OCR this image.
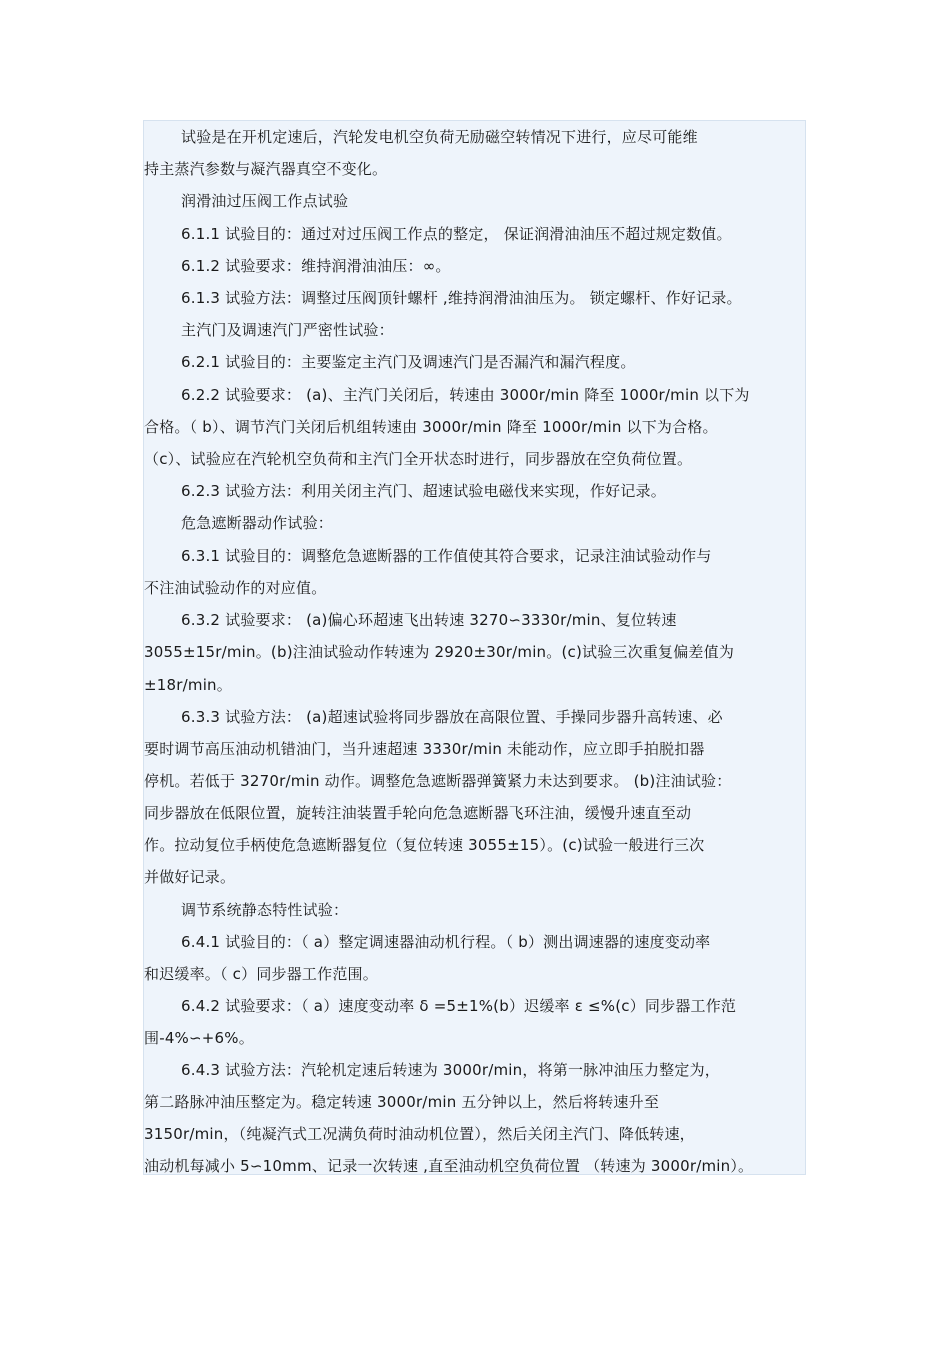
试验是在开机定速后，汽轮发电机空负荷无励磁空转情况下进行，应尽可能维
持主蒸汽参数与凝汽器真空不变化。
润滑油过压阀工作点试验
6.1.1 试验目的：通过对过压阀工作点的整定， 保证润滑油油压不超过规定数值。
6.1.2 试验要求：维持润滑油油压：∞。
6.1.3 试验方法：调整过压阀顶针螺杆 ,维持润滑油油压为。 锁定螺杆、作好记录。
主汽门及调速汽门严密性试验：
6.2.1 试验目的：主要鉴定主汽门及调速汽门是否漏汽和漏汽程度。
6.2.2 试验要求： (a)、主汽门关闭后，转速由 3000r/min 降至 1000r/min 以下为
合格。（ b）、调节汽门关闭后机组转速由 3000r/min 降至 1000r/min 以下为合格。
（c）、试验应在汽轮机空负荷和主汽门全开状态时进行，同步器放在空负荷位置。
6.2.3 试验方法：利用关闭主汽门、超速试验电磁伐来实现，作好记录。
危急遮断器动作试验：
6.3.1 试验目的：调整危急遮断器的工作值使其符合要求，记录注油试验动作与
不注油试验动作的对应值。
6.3.2 试验要求： (a)偏心环超速飞出转速 3270∽3330r/min、复位转速
3055±15r/min。(b)注油试验动作转速为 2920±30r/min。(c)试验三次重复偏差值为
±18r/min。
6.3.3 试验方法： (a)超速试验将同步器放在高限位置、手操同步器升高转速、必
要时调节高压油动机错油门，当升速超速 3330r/min 未能动作，应立即手拍脱扣器
停机。若低于 3270r/min 动作。调整危急遮断器弹簧紧力未达到要求。 (b)注油试验：
同步器放在低限位置，旋转注油装置手轮向危急遮断器飞环注油，缓慢升速直至动
作。拉动复位手柄使危急遮断器复位（复位转速 3055±15）。(c)试验一般进行三次
并做好记录。
调节系统静态特性试验：
6.4.1 试验目的：（ a）整定调速器油动机行程。（ b）测出调速器的速度变动率
和迟缓率。（ c）同步器工作范围。
6.4.2 试验要求：（ a）速度变动率 δ =5±1%(b）迟缓率 ε ≤%(c）同步器工作范
围-4%∽+6%。
6.4.3 试验方法：汽轮机定速后转速为 3000r/min，将第一脉冲油压力整定为，
第二路脉冲油压整定为。稳定转速 3000r/min 五分钟以上，然后将转速升至
3150r/min，（纯凝汽式工况满负荷时油动机位置），然后关闭主汽门、降低转速，
油动机每减小 5∽10mm、记录一次转速 ,直至油动机空负荷位置 （转速为 3000r/min）。
